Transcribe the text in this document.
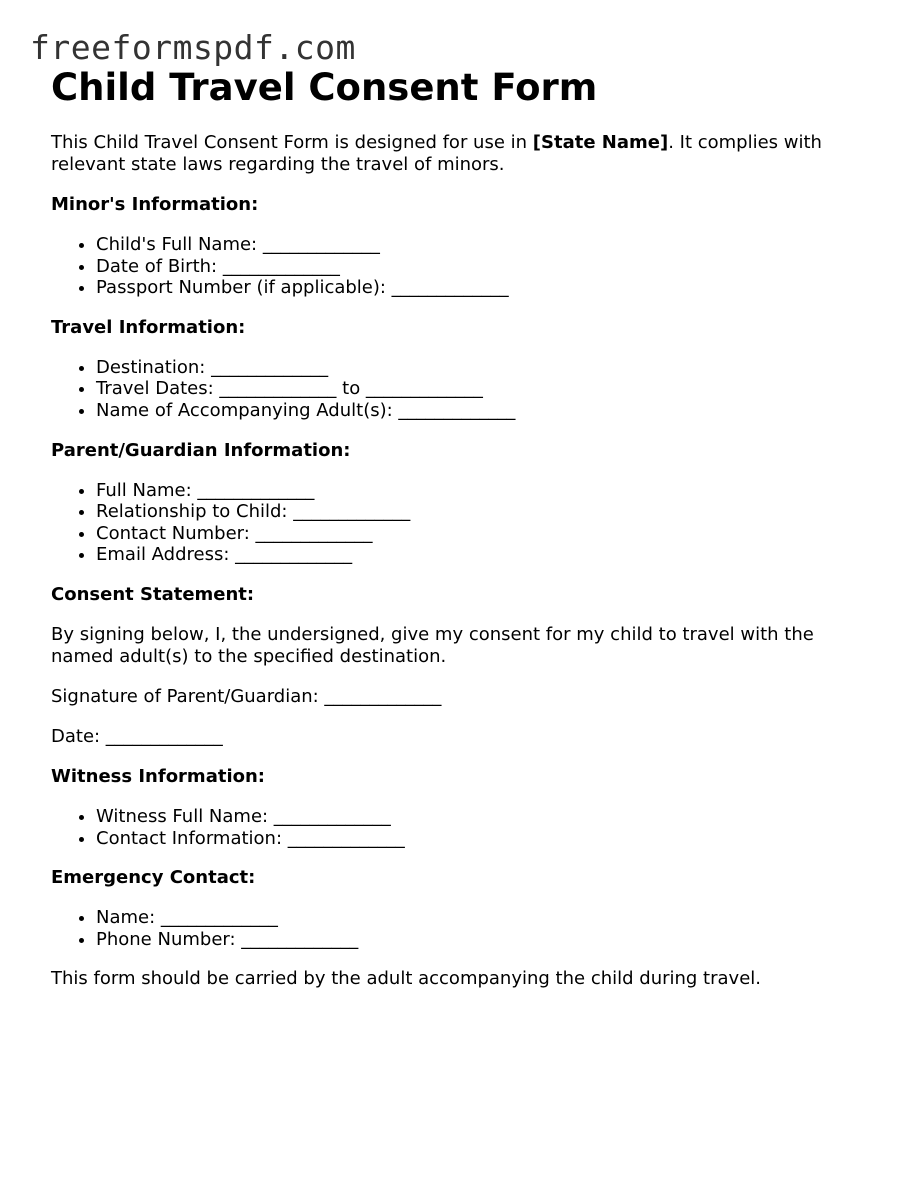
freeformspdf.com
Child Travel Consent Form

This Child Travel Consent Form is designed for use in [State Name]. It complies with relevant state laws regarding the travel of minors.

Minor's Information:

• Child's Full Name: _____________
• Date of Birth: _____________
• Passport Number (if applicable): _____________

Travel Information:

• Destination: _____________
• Travel Dates: _____________ to _____________
• Name of Accompanying Adult(s): _____________

Parent/Guardian Information:

• Full Name: _____________
• Relationship to Child: _____________
• Contact Number: _____________
• Email Address: _____________

Consent Statement:

By signing below, I, the undersigned, give my consent for my child to travel with the named adult(s) to the specified destination.

Signature of Parent/Guardian: _____________

Date: _____________

Witness Information:

• Witness Full Name: _____________
• Contact Information: _____________

Emergency Contact:

• Name: _____________
• Phone Number: _____________

This form should be carried by the adult accompanying the child during travel.
